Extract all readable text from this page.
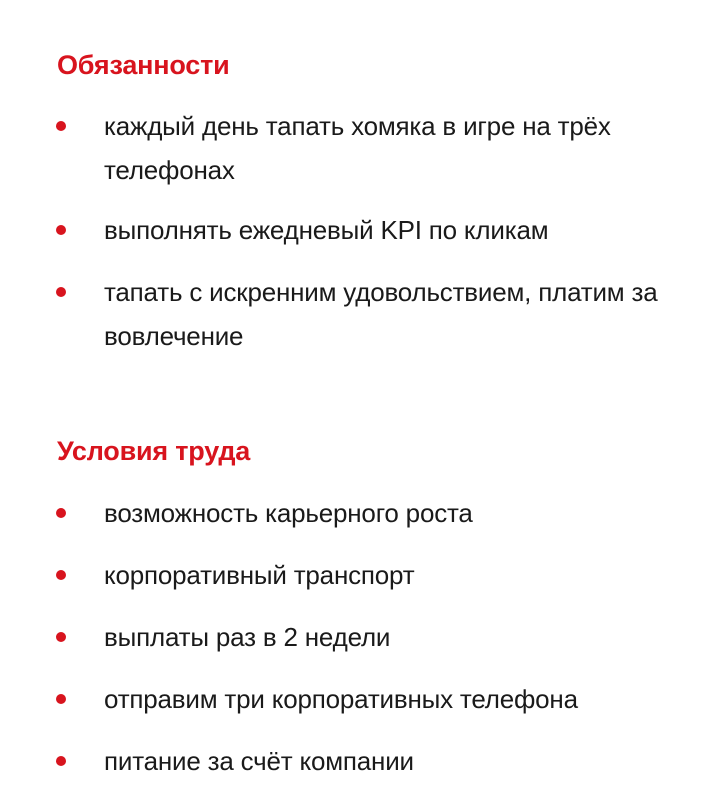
Обязанности
каждый день тапать хомяка в игре на трёх телефонах
выполнять ежедневый KPI по кликам
тапать с искренним удовольствием, платим за вовлечение
Условия труда
возможность карьерного роста
корпоративный транспорт
выплаты раз в 2 недели
отправим три корпоративных телефона
питание за счёт компании
